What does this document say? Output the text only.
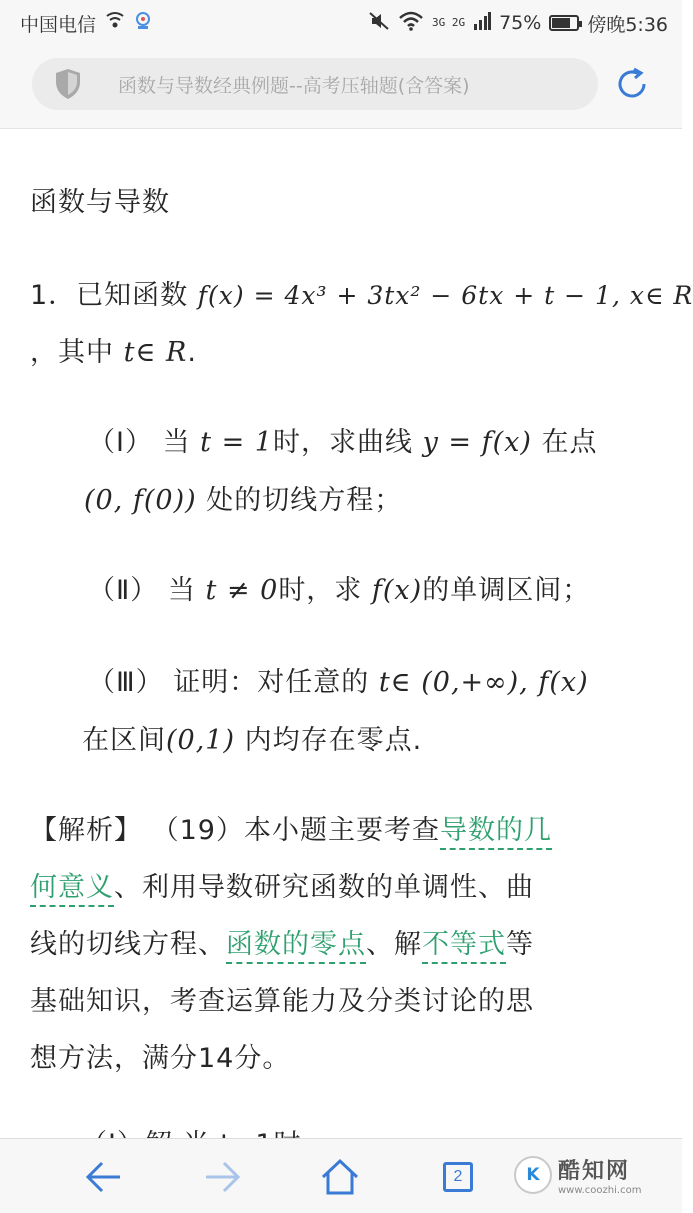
中国电信	3G 2G 75% 傍晚5:36
函数与导数经典例题--高考压轴题(含答案)
函数与导数
1．已知函数 f(x) = 4x³ + 3tx² − 6tx + t − 1, x∈ R
，其中 t∈ R.
（Ⅰ） 当 t = 1时，求曲线 y = f(x) 在点
(0, f(0)) 处的切线方程；
（Ⅱ） 当 t ≠ 0时，求 f(x)的单调区间；
（Ⅲ） 证明：对任意的 t∈ (0,+∞), f(x)
在区间(0,1) 内均存在零点.
【解析】 （19）本小题主要考查导数的几
何意义、利用导数研究函数的单调性、曲
线的切线方程、函数的零点、解不等式等
基础知识，考查运算能力及分类讨论的思
想方法，满分14分。
2	K 酷知网
www.coozhi.com
